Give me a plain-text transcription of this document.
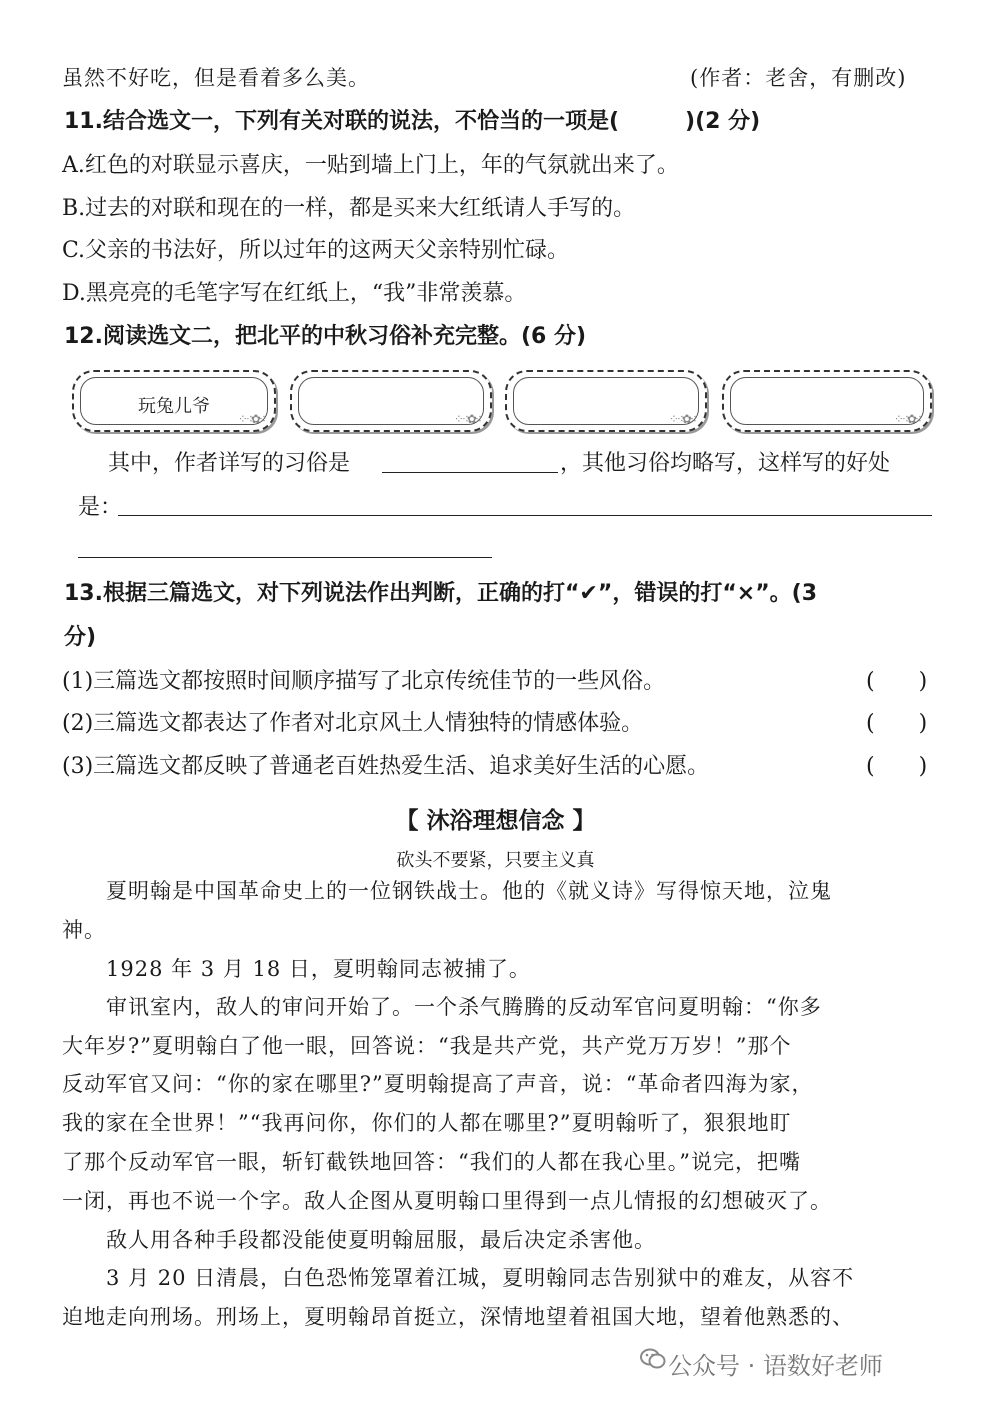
虽然不好吃，但是看着多么美。	(作者：老舍，有删改)
11.结合选文一，下列有关对联的说法，不恰当的一项是(　　　)(2 分)
A.红色的对联显示喜庆，一贴到墙上门上，年的气氛就出来了。
B.过去的对联和现在的一样，都是买来大红纸请人手写的。
C.父亲的书法好，所以过年的这两天父亲特别忙碌。
D.黑亮亮的毛笔字写在红纸上，“我”非常羡慕。
12.阅读选文二，把北平的中秋习俗补充完整。(6 分)
玩兔儿爷
⁘⁖✿⁖	⁘⁖✿⁖	⁘⁖✿⁖	⁘⁖✿⁖
其中，作者详写的习俗是	，其他习俗均略写，这样写的好处
是：
13.根据三篇选文，对下列说法作出判断，正确的打“✔”，错误的打“×”。(3
分)
(1)三篇选文都按照时间顺序描写了北京传统佳节的一些风俗。	(　　)
(2)三篇选文都表达了作者对北京风土人情独特的情感体验。	(　　)
(3)三篇选文都反映了普通老百姓热爱生活、追求美好生活的心愿。	(　　)
【 沐浴理想信念 】
砍头不要紧，只要主义真
　　夏明翰是中国革命史上的一位钢铁战士。他的《就义诗》写得惊天地，泣鬼
神。
　　1928 年 3 月 18 日，夏明翰同志被捕了。
　　审讯室内，敌人的审问开始了。一个杀气腾腾的反动军官问夏明翰：“你多
大年岁?”夏明翰白了他一眼，回答说：“我是共产党，共产党万万岁！”那个
反动军官又问：“你的家在哪里?”夏明翰提高了声音，说：“革命者四海为家，
我的家在全世界！”“我再问你，你们的人都在哪里?”夏明翰听了，狠狠地盯
了那个反动军官一眼，斩钉截铁地回答：“我们的人都在我心里。”说完，把嘴
一闭，再也不说一个字。敌人企图从夏明翰口里得到一点儿情报的幻想破灭了。
　　敌人用各种手段都没能使夏明翰屈服，最后决定杀害他。
　　3 月 20 日清晨，白色恐怖笼罩着江城，夏明翰同志告别狱中的难友，从容不
迫地走向刑场。刑场上，夏明翰昂首挺立，深情地望着祖国大地，望着他熟悉的、
公众号 · 语数好老师
